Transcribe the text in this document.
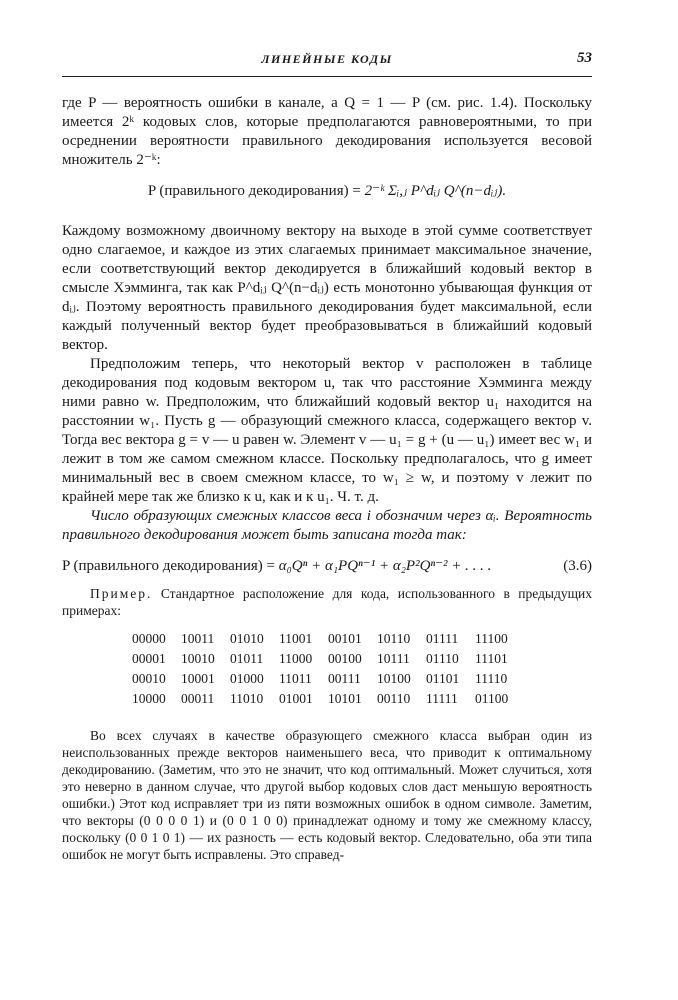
ЛИНЕЙНЫЕ КОДЫ	53

где P — вероятность ошибки в канале, а Q = 1 — P (см. рис. 1.4). Поскольку имеется 2ᵏ кодовых слов, которые предполагаются равновероятными, то при осреднении вероятности правильного декодирования используется весовой множитель 2⁻ᵏ:

P (правильного декодирования) = 2⁻ᵏ Σᵢ,ⱼ P^dᵢⱼ Q^(n−dᵢⱼ).

Каждому возможному двоичному вектору на выходе в этой сумме соответствует одно слагаемое, и каждое из этих слагаемых принимает максимальное значение, если соответствующий вектор декодируется в ближайший кодовый вектор в смысле Хэмминга, так как P^dᵢⱼ Q^(n−dᵢⱼ) есть монотонно убывающая функция от dᵢⱼ. Поэтому вероятность правильного декодирования будет максимальной, если каждый полученный вектор будет преобразовываться в ближайший кодовый вектор.

Предположим теперь, что некоторый вектор v расположен в таблице декодирования под кодовым вектором u, так что расстояние Хэмминга между ними равно w. Предположим, что ближайший кодовый вектор u₁ находится на расстоянии w₁. Пусть g — образующий смежного класса, содержащего вектор v. Тогда вес вектора g = v — u равен w. Элемент v — u₁ = g + (u — u₁) имеет вес w₁ и лежит в том же самом смежном классе. Поскольку предполагалось, что g имеет минимальный вес в своем смежном классе, то w₁ ≥ w, и поэтому v лежит по крайней мере так же близко к u, как и к u₁. Ч. т. д.

Число образующих смежных классов веса i обозначим через αᵢ. Вероятность правильного декодирования может быть записана тогда так:

P (правильного декодирования) = α₀Qⁿ + α₁PQⁿ⁻¹ + α₂P²Qⁿ⁻² + . . . .	(3.6)

Пример. Стандартное расположение для кода, использованного в предыдущих примерах:

00000	10011	01010	11001	00101	10110	01111	11100
00001	10010	01011	11000	00100	10111	01110	11101
00010	10001	01000	11011	00111	10100	01101	11110
10000	00011	11010	01001	10101	00110	11111	01100

Во всех случаях в качестве образующего смежного класса выбран один из неиспользованных прежде векторов наименьшего веса, что приводит к оптимальному декодированию. (Заметим, что это не значит, что код оптимальный. Может случиться, хотя это неверно в данном случае, что другой выбор кодовых слов даст меньшую вероятность ошибки.) Этот код исправляет три из пяти возможных ошибок в одном символе. Заметим, что векторы (0 0 0 0 1) и (0 0 1 0 0) принадлежат одному и тому же смежному классу, поскольку (0 0 1 0 1) — их разность — есть кодовый вектор. Следовательно, оба эти типа ошибок не могут быть исправлены. Это справед-
